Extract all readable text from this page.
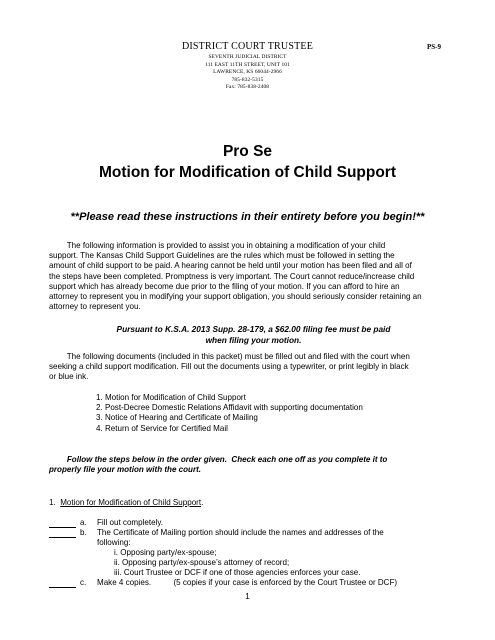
DISTRICT COURT TRUSTEE	PS-9
SEVENTH JUDICIAL DISTRICT
111 EAST 11TH STREET, UNIT 101
LAWRENCE, KS 66044-2966
785-832-5315
Fax: 785-838-2408
Pro Se
Motion for Modification of Child Support
**Please read these instructions in their entirety before you begin!**
The following information is provided to assist you in obtaining a modification of your child
support. The Kansas Child Support Guidelines are the rules which must be followed in setting the
amount of child support to be paid. A hearing cannot be held until your motion has been filed and all of
the steps have been completed. Promptness is very important. The Court cannot reduce/increase child
support which has already become due prior to the filing of your motion. If you can afford to hire an
attorney to represent you in modifying your support obligation, you should seriously consider retaining an
attorney to represent you.
Pursuant to K.S.A. 2013 Supp. 28-179, a $62.00 filing fee must be paid
when filing your motion.
The following documents (included in this packet) must be filled out and filed with the court when
seeking a child support modification. Fill out the documents using a typewriter, or print legibly in black
or blue ink.
1. Motion for Modification of Child Support
2. Post-Decree Domestic Relations Affidavit with supporting documentation
3. Notice of Hearing and Certificate of Mailing
4. Return of Service for Certified Mail
Follow the steps below in the order given.  Check each one off as you complete it to
properly file your motion with the court.
1. Motion for Modification of Child Support.
a. Fill out completely.
b. The Certificate of Mailing portion should include the names and addresses of the
following:
i. Opposing party/ex-spouse;
ii. Opposing party/ex-spouse’s attorney of record;
iii. Court Trustee or DCF if one of those agencies enforces your case.
c. Make 4 copies.          (5 copies if your case is enforced by the Court Trustee or DCF)
1
